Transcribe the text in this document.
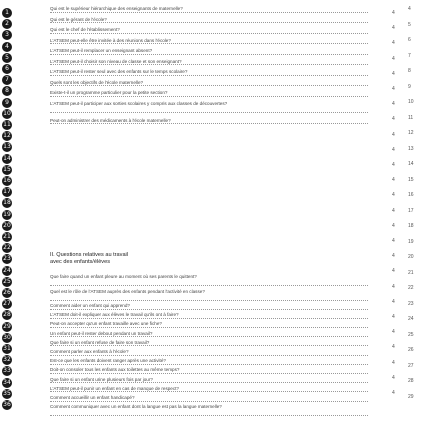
1
2
3
4
5
6
7
8
9
10
11
12
13
14
15
16
17
18
19
20
21
22
23
24
25
26
27
28
29
30
31
32
33
34
35
36
Qui est le supérieur hiérarchique des enseignants de maternelle?
Qui est le gérant de l'école?
Qui est le chef de l'établissement?
L'ATSEM peut-elle être invitée à des réunions dans l'école?
L'ATSEM peut-il remplacer un enseignant absent?
L'ATSEM peut-il choisir son niveau de classe et son enseignant?
L'ATSEM peut-il rester seul avec des enfants sur le temps scolaire?
Quels sont les objectifs de l'école maternelle?
Existe-t-il un programme particulier pour la petite section?
L'ATSEM peut-il participer aux sorties scolaires y compris aux classes de découvertes?
Peut-on administrer des médicaments à l'école maternelle?
II. Questions relatives au travail
avec des enfants/élèves
Que faire quand un enfant pleure au moment où ses parents le quittent?
Quel est le rôle de l'ATSEM auprès des enfants pendant l'activité en classe?
Comment aider un enfant qui apprend?
L'ATSEM doit-il expliquer aux élèves le travail qu'ils ont à faire?
Peut-on accepter qu'un enfant travaille avec une fiche?
Un enfant peut-il rester debout pendant un travail?
Que faire si un enfant refuse de faire son travail?
Comment parler aux enfants à l'école?
Est-ce que les enfants doivent ranger après une activité?
Doit-on consoler tous les enfants aux toilettes au même temps?
Que faire si un enfant urine plusieurs fois par jour?
L'ATSEM peut-il punir un enfant en cas de manque de respect?
Comment accueillir un enfant handicapé?
Comment communiquer avec un enfant dont la langue est pas la langue maternelle?
4
4
4
4
4
4
4
4
4
4
4
4
4
4
4
4
4
4
4
4
4
4
4
4
4
4
4
5
6
7
8
9
10
11
12
13
14
15
16
17
18
19
20
21
22
23
24
25
26
27
28
29
